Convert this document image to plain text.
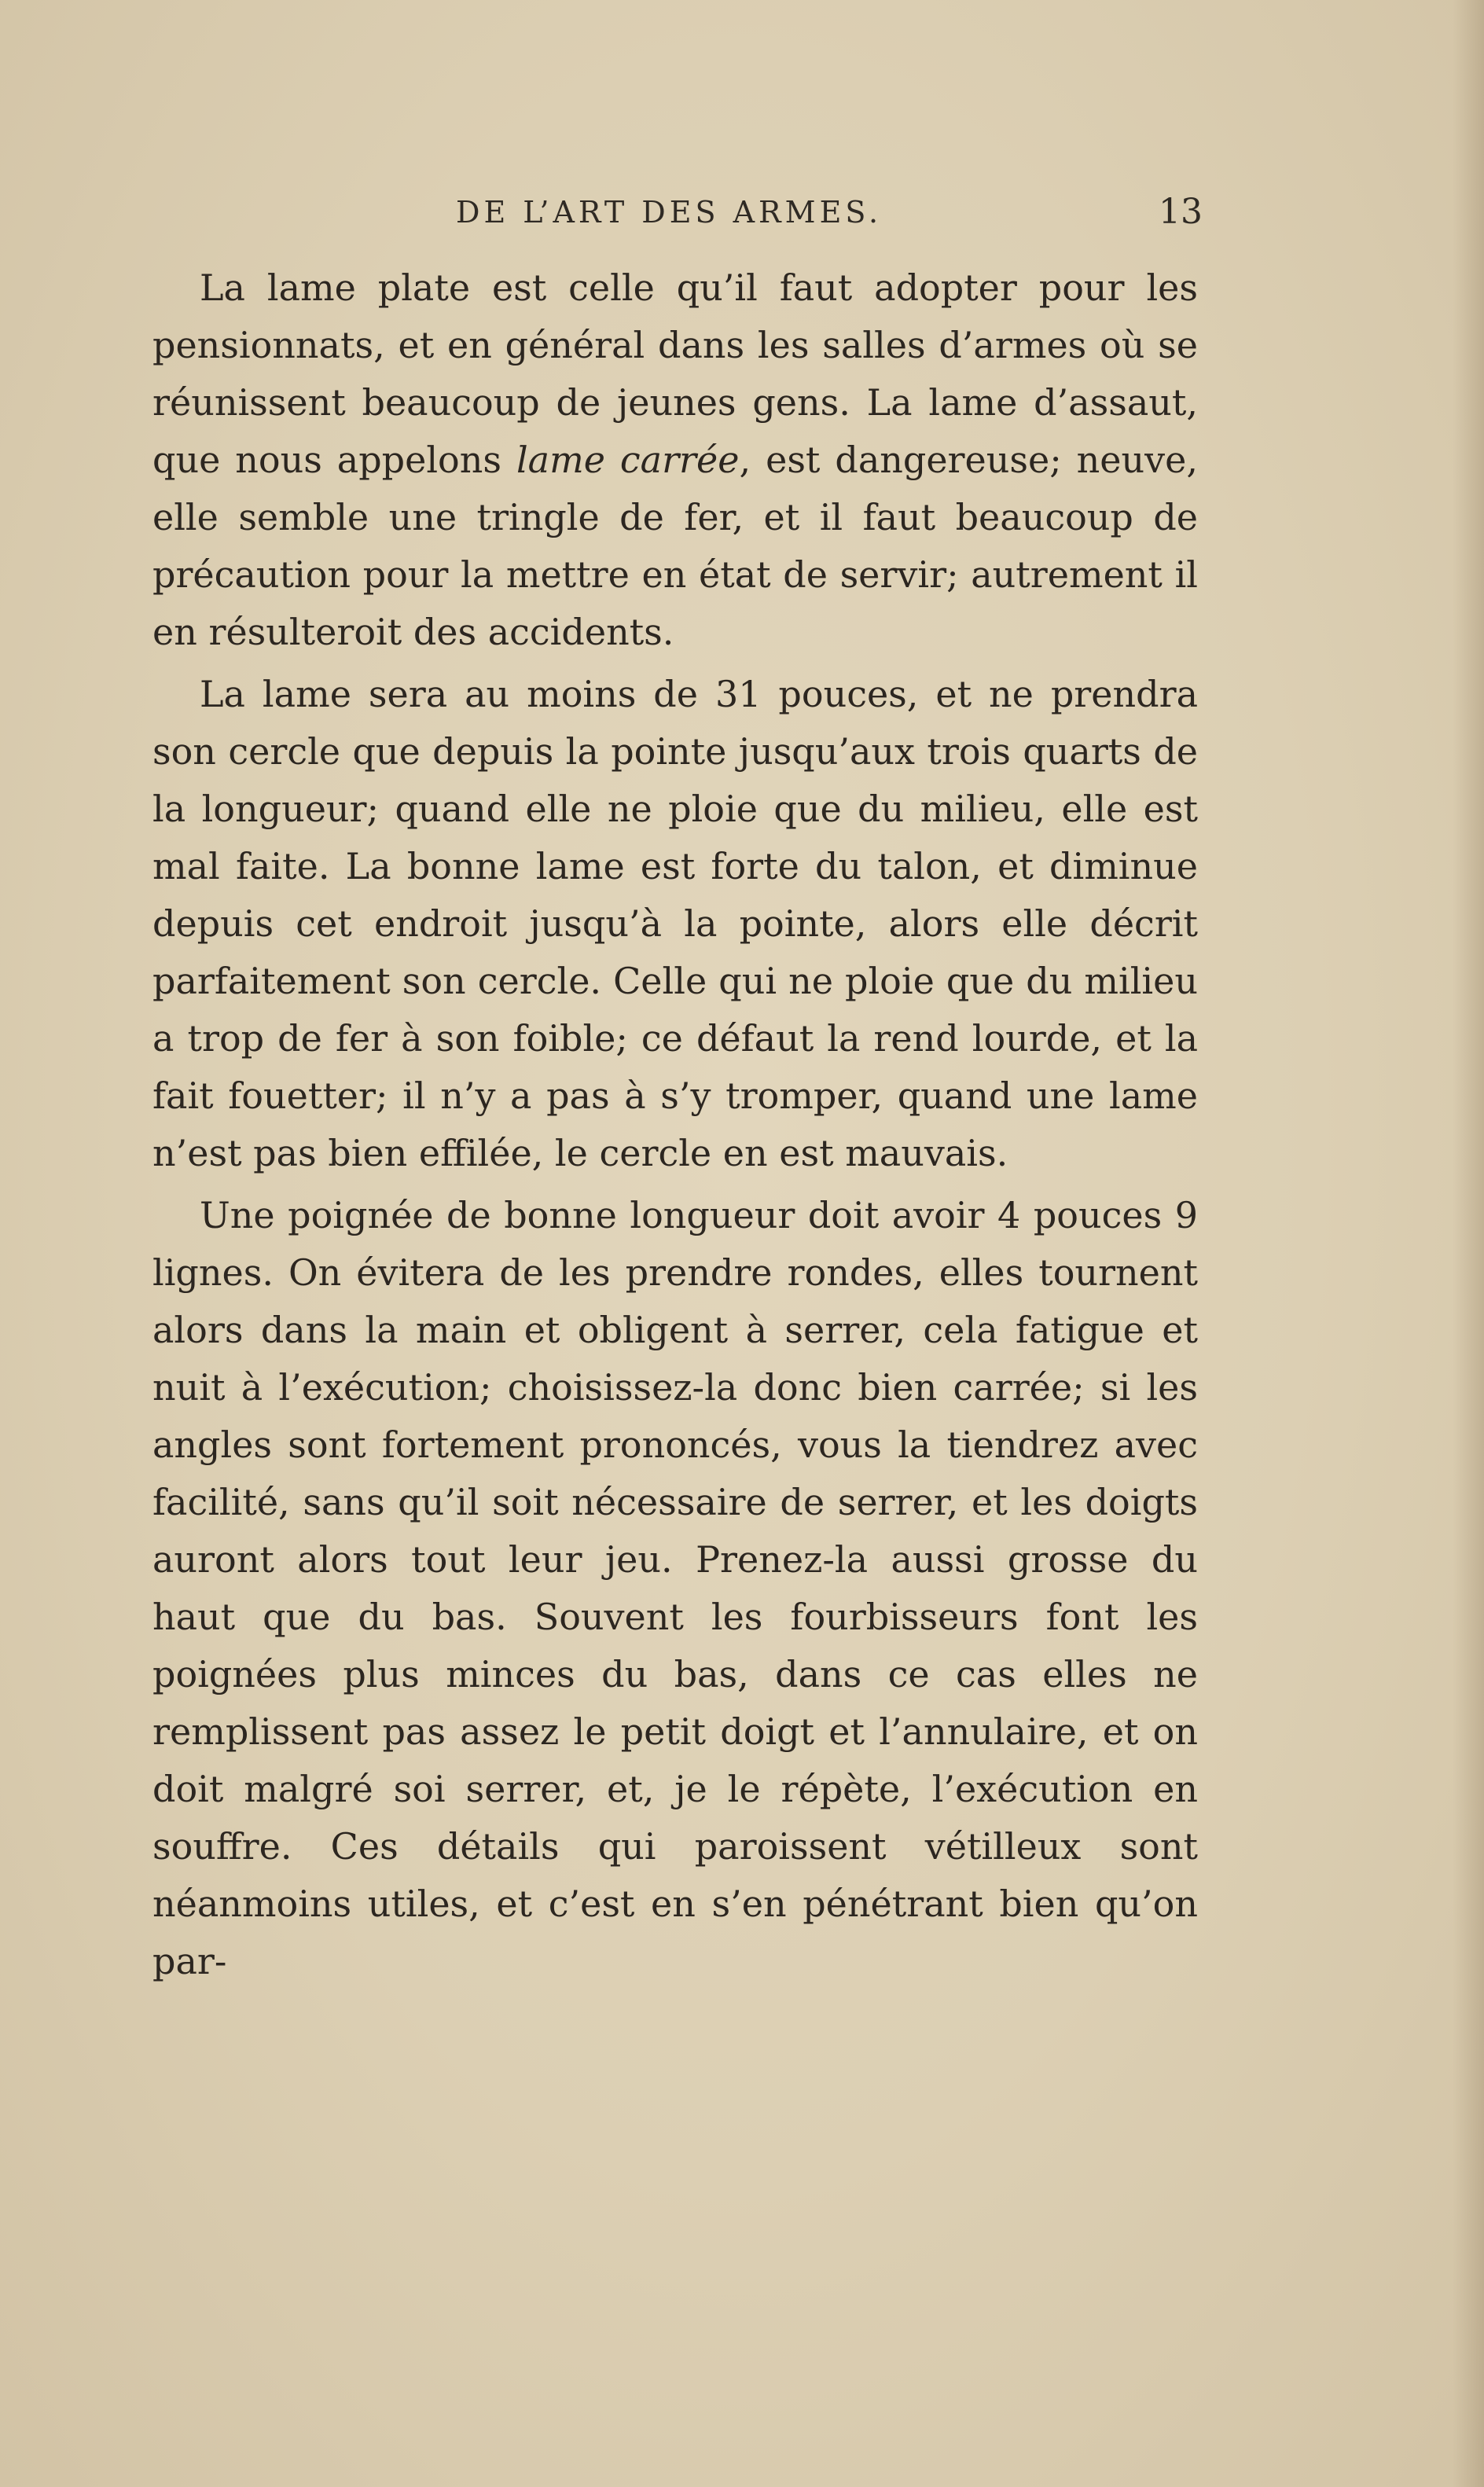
DE L’ART DES ARMES.	13

La lame plate est celle qu’il faut adopter pour les pensionnats, et en général dans les salles d’armes où se réunissent beaucoup de jeunes gens. La lame d’assaut, que nous appelons lame carrée, est dangereuse; neuve, elle semble une tringle de fer, et il faut beaucoup de précaution pour la mettre en état de servir; autrement il en résulteroit des accidents.

La lame sera au moins de 31 pouces, et ne prendra son cercle que depuis la pointe jusqu’aux trois quarts de la longueur; quand elle ne ploie que du milieu, elle est mal faite. La bonne lame est forte du talon, et diminue depuis cet endroit jusqu’à la pointe, alors elle décrit parfaitement son cercle. Celle qui ne ploie que du milieu a trop de fer à son foible; ce défaut la rend lourde, et la fait fouetter; il n’y a pas à s’y tromper, quand une lame n’est pas bien effilée, le cercle en est mauvais.

Une poignée de bonne longueur doit avoir 4 pouces 9 lignes. On évitera de les prendre rondes, elles tournent alors dans la main et obligent à serrer, cela fatigue et nuit à l’exécution; choisissez-la donc bien carrée; si les angles sont fortement prononcés, vous la tiendrez avec facilité, sans qu’il soit nécessaire de serrer, et les doigts auront alors tout leur jeu. Prenez-la aussi grosse du haut que du bas. Souvent les fourbisseurs font les poignées plus minces du bas, dans ce cas elles ne remplissent pas assez le petit doigt et l’annulaire, et on doit malgré soi serrer, et, je le répète, l’exécution en souffre. Ces détails qui paroissent vétilleux sont néanmoins utiles, et c’est en s’en pénétrant bien qu’on par-
